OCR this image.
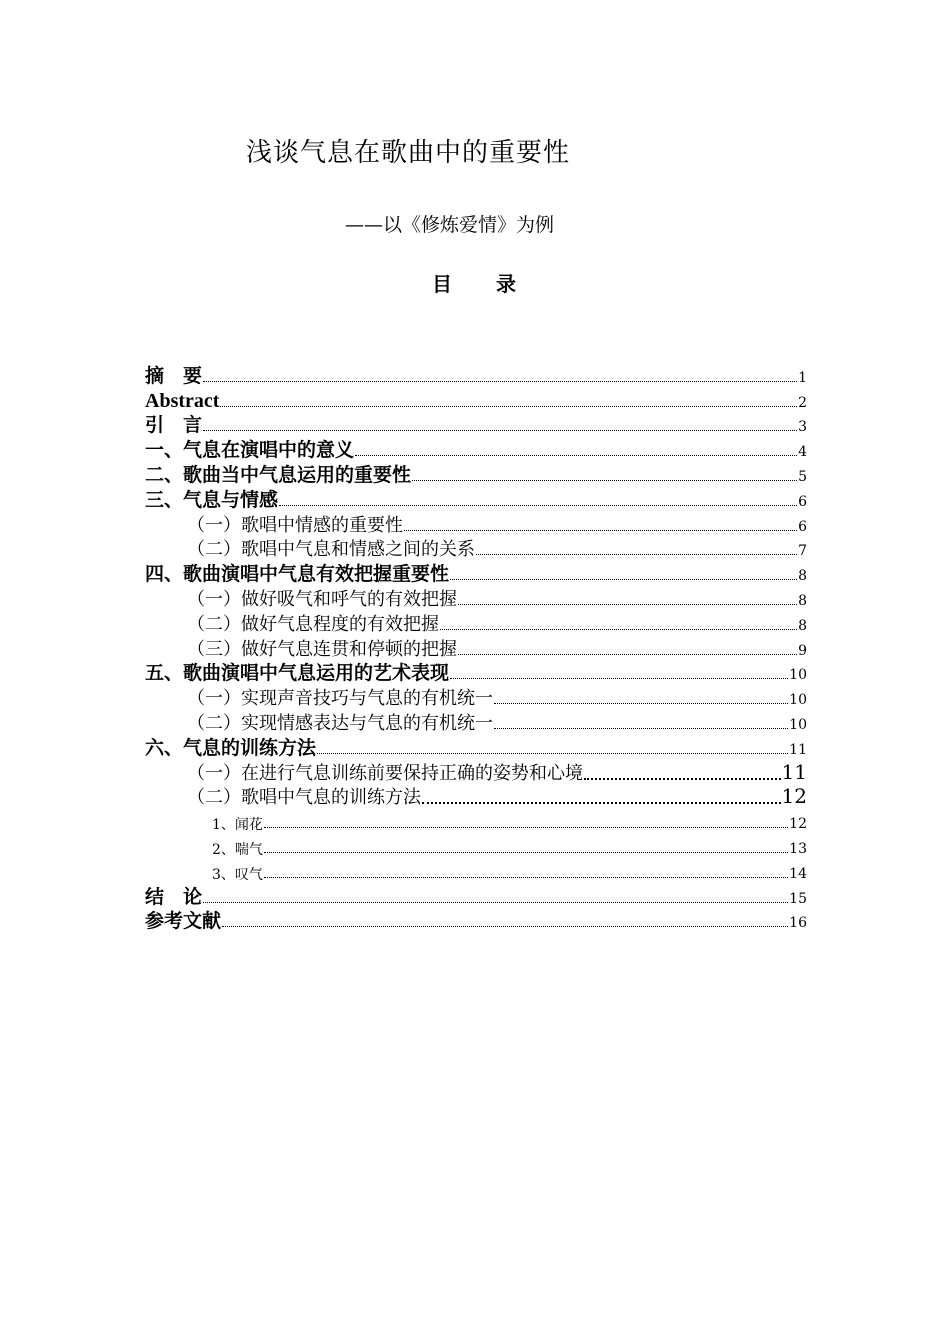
浅谈气息在歌曲中的重要性
——以《修炼爱情》为例
目 录
摘　要	1
Abstract	2
引　言	3
一、气息在演唱中的意义	4
二、歌曲当中气息运用的重要性	5
三、气息与情感	6
（一）歌唱中情感的重要性	6
（二）歌唱中气息和情感之间的关系	7
四、歌曲演唱中气息有效把握重要性	8
（一）做好吸气和呼气的有效把握	8
（二）做好气息程度的有效把握	8
（三）做好气息连贯和停顿的把握	9
五、歌曲演唱中气息运用的艺术表现	10
（一）实现声音技巧与气息的有机统一	10
（二）实现情感表达与气息的有机统一	10
六、气息的训练方法	11
（一）在进行气息训练前要保持正确的姿势和心境	11
（二）歌唱中气息的训练方法	12
1、闻花	12
2、喘气	13
3、叹气	14
结　论	15
参考文献	16
